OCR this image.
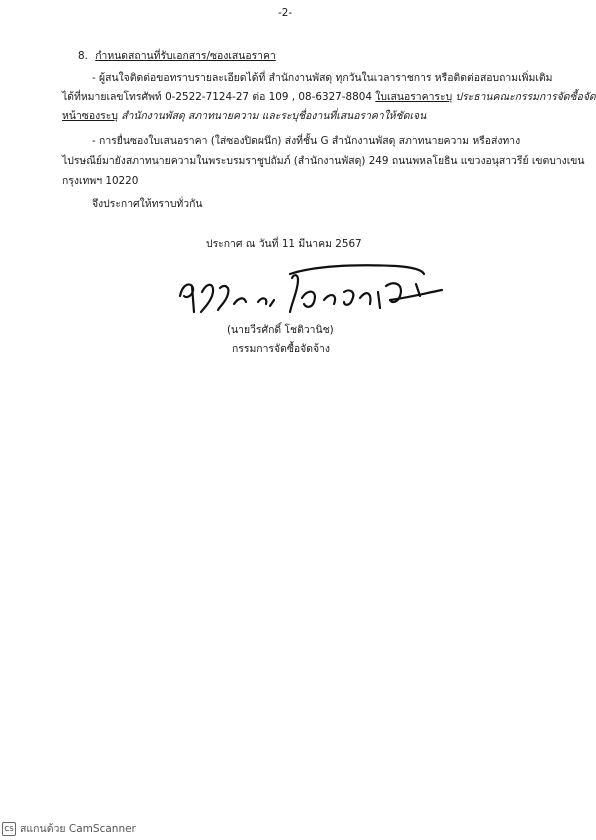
-2-
8. กำหนดสถานที่รับเอกสาร/ซองเสนอราคา
- ผู้สนใจติดต่อขอทราบรายละเอียดได้ที่ สำนักงานพัสดุ ทุกวันในเวลาราชการ หรือติดต่อสอบถามเพิ่มเติม
ได้ที่หมายเลขโทรศัพท์ 0-2522-7124-27 ต่อ 109 , 08-6327-8804 ใบเสนอราคาระบุ ประธานคณะกรรมการจัดซื้อจัด
หน้าซองระบุ สำนักงานพัสดุ สภาทนายความ และระบุชื่องานที่เสนอราคาให้ชัดเจน
- การยื่นซองใบเสนอราคา (ใส่ซองปิดผนึก) ส่งที่ชั้น G สำนักงานพัสดุ สภาทนายความ หรือส่งทาง
ไปรษณีย์มายังสภาทนายความในพระบรมราชูปถัมภ์ (สำนักงานพัสดุ) 249 ถนนพหลโยธิน แขวงอนุสาวรีย์ เขตบางเขน
กรุงเทพฯ 10220
จึงประกาศให้ทราบทั่วกัน
ประกาศ ณ วันที่ 11 มีนาคม 2567
(นายวีรศักดิ์ โชติวานิช)
กรรมการจัดซื้อจัดจ้าง
CS สแกนด้วย CamScanner
